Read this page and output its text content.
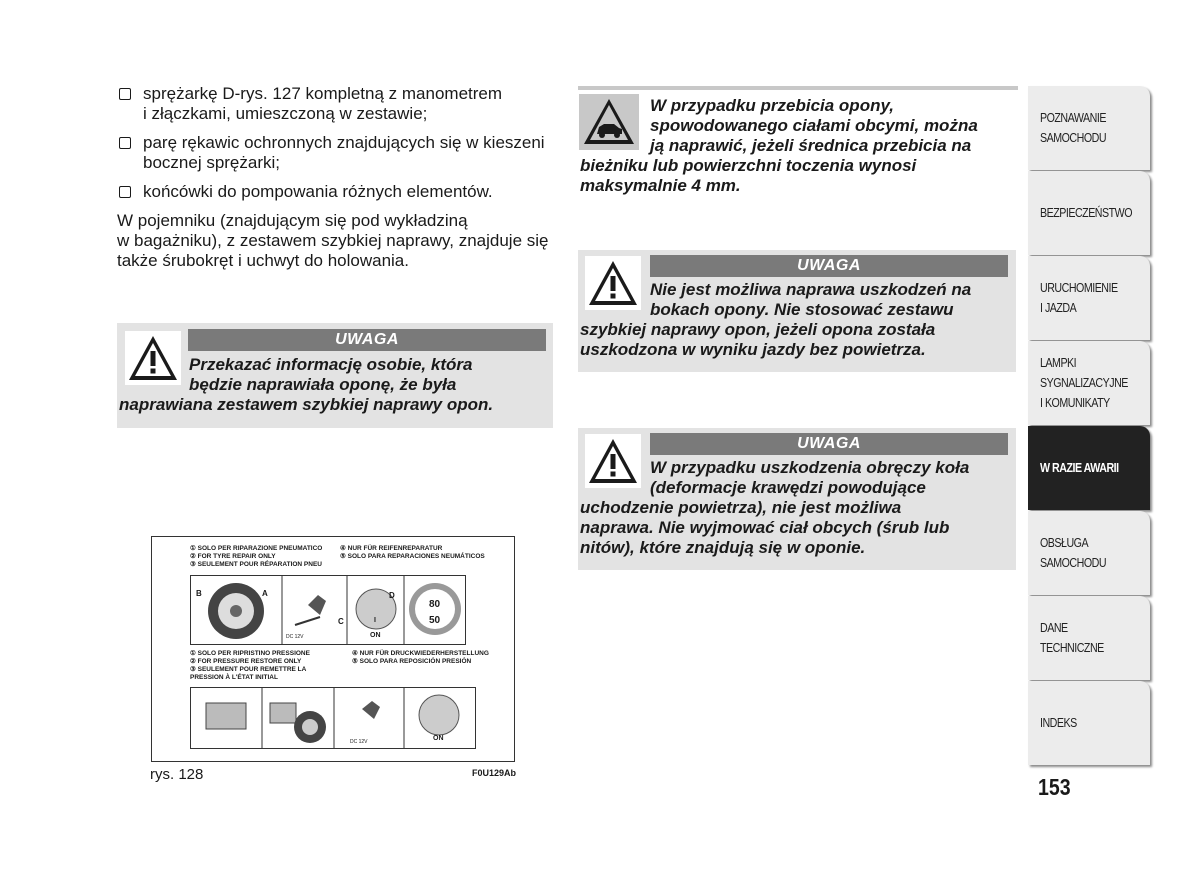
sprężarkę D-rys. 127 kompletną z manometrem
i złączkami, umieszczoną w zestawie;
parę rękawic ochronnych znajdujących się w kieszeni
bocznej sprężarki;
końcówki do pompowania różnych elementów.
W pojemniku (znajdującym się pod wykładziną
w bagażniku), z zestawem szybkiej naprawy, znajduje się
także śrubokręt i uchwyt do holowania.
UWAGA
Przekazać informację osobie, która
będzie naprawiała oponę, że była
naprawiana zestawem szybkiej naprawy opon.
W przypadku przebicia opony,
spowodowanego ciałami obcymi, można
ją naprawić, jeżeli średnica przebicia na
bieżniku lub powierzchni toczenia wynosi
maksymalnie 4 mm.
UWAGA
Nie jest możliwa naprawa uszkodzeń na
bokach opony. Nie stosować zestawu
szybkiej naprawy opon, jeżeli opona została
uszkodzona w wyniku jazdy bez powietrza.
UWAGA
W przypadku uszkodzenia obręczy koła
(deformacje krawędzi powodujące
uchodzenie powietrza), nie jest możliwa
naprawa. Nie wyjmować ciał obcych (śrub lub
nitów), które znajdują się w oponie.
① SOLO PER RIPARAZIONE PNEUMATICO
② FOR TYRE REPAIR ONLY
③ SEULEMENT POUR RÉPARATION PNEU
④ NUR FÜR REIFENREPARATUR
⑤ SOLO PARA REPARACIONES NEUMÁTICOS
B	A
C
D
DC 12V
I
ON
80
50
① SOLO PER RIPRISTINO PRESSIONE
② FOR PRESSURE RESTORE ONLY
③ SEULEMENT POUR REMETTRE LA
PRESSION À L'ÉTAT INITIAL
④ NUR FÜR DRUCKWIEDERHERSTELLUNG
⑤ SOLO PARA REPOSICIÓN PRESIÓN
DC 12V	ON
rys. 128	F0U129Ab
POZNAWANIE
SAMOCHODU
BEZPIECZEŃSTWO
URUCHOMIENIE
I JAZDA
LAMPKI
SYGNALIZACYJNE
I KOMUNIKATY
W RAZIE AWARII
OBSŁUGA
SAMOCHODU
DANE
TECHNICZNE
INDEKS
153
